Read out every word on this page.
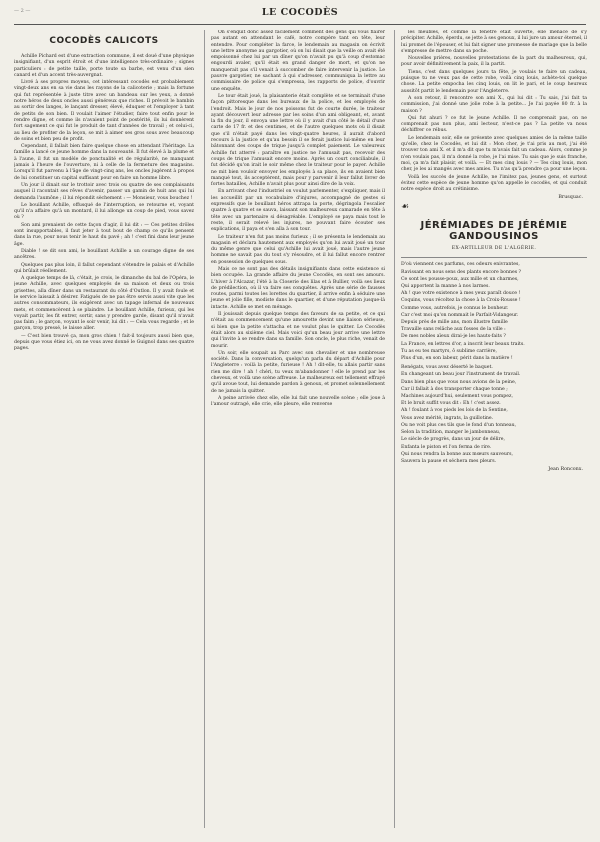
— 2 —	LE COCODÈS
COCODÈS CALICOTS

Achille Pichard est d'une extraction commune, il est doué d'une physique insignifiant, d'un esprit étroit et d'une intelligence très-ordinaire ; signes particuliers : de petite taille, porte toute sa barbe, est venu d'un sien canard et d'un accent très-auvergnat.

Livré à ses propres moyens, cet intéressant cocodès est probablement vingt-deux ans en sa vie dans les rayons de la calicoterie ; mais la fortune qui fut représentée à juste titre avec un bandeau sur les yeux, a donné notre héros de deux oncles aussi généreux que riches. Il prévoit le bambin au sortir des langes, le lançant dresser, élevé, éduquer et l'employer à tant de petits de son bien. Il voulait l'aimer l'étudier, faire tout enfin pour le rendre digne, et comme ils n'avaient point de postérité, ils lui donnèrent fort sagement ce qui fut le produit de tant d'années de travail ; et celui-ci, au lieu de profiter de la leçon, se mit à aimer ses gros sous avec beaucoup de soins et bien peu de profit.

Cependant, il fallait bien faire quelque chose en attendant l'héritage. La famille a lancé ce jeune homme dans la nouveauté. Il fut élevé à la plume et à l'aune, il fut un modèle de ponctualité et de régularité, ne manquant jamais à l'heure de l'ouverture, ni à celle de la fermeture des magasins. Lorsqu'il fut parvenu à l'âge de vingt-cinq ans, les oncles jugèrent à propos de lui constituer un capital suffisant pour en faire un homme libre.

Un jour il dinait sur le trottoir avec trois ou quatre de ses complaisants auquel il racontait ses rêves d'avenir, passer un gamin de huit ans qui lui demanda l'aumône ; il lui répondit sèchement : — Monsieur, vous bouchez !

Le bouillant Achille, offusqué de l'interruption, se retourne et, voyant qu'il n'a affaire qu'à un montard, il lui allonge un coup de pied, vous savez où ?

Son ami prenaient de cette façon d'agir, il lui dit : — Ces petites drôles sont insupportables, il faut jeter à tout bout de champ ce qu'ils pensent dans la rue, pour nous tenir le haut du pavé ; ah ! c'est fini dans leur jeune âge.

Diable ! se dit son ami, le bouillant Achille a un courage digne de ses ancêtres.

Quelques pas plus loin, il fallut cependant s'étendre le palais et d'Achille qui brûlait réellement.

A quelque temps de là, c'était, je crois, le dimanche du bal de l'Opéra, le jeune Achille, avec quelques employés de sa maison et deux ou trois grisettes, alla dîner dans un restaurant du côté d'Outlon. Il y avait foule et le service laissait à désirer. Fatigués de ne pas être servis aussi vite que les autres consommateurs, ils exigèrent avec un tapage infernal de nouveaux mets, et commencèrent à se plaindre. Le bouillant Achille, furieux, qui les voyait partir, les fit entrer, sortir, sans y prendre garde, disant qu'il n'avait pas faim ; le garçon, voyant le soir venir, lui dit : — Cela vous regarde ; et le garçon, trop pressé, le laisse aller.

— C'est bien trouvé ça, mon gros chien ! fait-il toujours aussi bien que, depuis que vous étiez ici, on ne vous avez donné le Guignol dans ses quatre pages.

On s'enquit donc assez facilement comment des gens qui vous flairer pas autant en attendant le café, notre compère tant en tête, leur entendre. Pour compléter la farce, le lendemain au magasin on écrivit une lettre anonyme au gargotier, où on lui disait que la veille on avait été empoisonné chez lui par un dîner qu'on n'avait pu qu'à coup d'estomac engourdi avaler, qu'il était en grand danger de mort, et qu'on ne manquerait pas s'il venait à succomber de faire intervenir la justice. Le pauvre gargotier, ne sachant à qui s'adresser, communiqua la lettre au commissaire de police qui s'empressa, les rapports de police, d'ouvrir une enquête.

Le tour était joué, la plaisanterie était complète et se terminait d'une façon pittoresque dans les bureaux de la police, et les employés de l'endroit. Mais le jour de nos poissons fut de courte durée, le traiteur ayant découvert leur adresse par les soins d'un ami obligeant, et, avant la fin du jour, il envoya une lettre où il y avait d'un côté le détail d'une carte de 17 fr. et des centimes, et de l'autre quelques mots où il disait que s'il n'était payé dans les vingt-quatre heures, il aurait d'abord recours à la justice et qu'au besoin il se ferait justice lui-même en leur bâtonnant des coups de trique jusqu'à complet paiement. Le valeureux Achille fut atterré : paraître en justice ne l'amusait pas, recevoir des coups de trique l'amusait encore moins. Après un court conciliabule, il fut décidé qu'on irait le soir même chez le traiteur pour le payer. Achille ne mit bien vouloir envoyer les employés à sa place, ils en avaient bien manqué tout, ils acceptèrent, mais pour y parvenir il leur fallut livrer de fortes batailles, Achille n'avait plus pour ainsi dire de la voix.

En arrivant chez l'industriel on voulut parlementer, s'expliquer, mais il les accueillit par un vocabulaire d'injures, accompagné de gestes si expressifs que le bouillant héros attrapa la porte, dégringola l'escalier quatre à quatre et se sauva, laissant son malheureux camarade en tête à tête avec un partenaire si désagréable. L'employé se paya mais tout le reste, il serait relevé les injures, ne pouvant faire écouter ses explications, il paya et s'en alla à son tour.

Le traiteur n'en fut pas moins furieux ; il se présenta le lendemain au magasin et déclara hautement aux employés qu'on lui avait joué un tour du même genre que celui qu'Achille lui avait joué, mais l'autre jeune homme ne savait pas du tout s'y résoudre, et il lui fallut encore rentrer en possession de quelques sous.

Mais ce ne sont pas des détails insignifiants dans cette existence si bien occupée. La grande affaire du jeune Cocodès, en sont ses amours. L'hiver à l'Alcazar, l'été à la Closerie des lilas et à Bullier, voilà ses lieux de prédilection, où il va faire ses conquêtes. Après une série de fausses routes, parmi toutes les lorettes du quartier, il arrive enfin à séduire une jeune et jolie fille, modiste dans le quartier, et d'une réputation jusque-là intacte. Achille se met en ménage.

Il jouissait depuis quelque temps des faveurs de sa petite, et ce qui n'était au commencement qu'une amourette devint une liaison sérieuse, si bien que la petite s'attacha et ne voulut plus le quitter. Le Cocodès était alors au sixième ciel. Mais voici qu'un beau jour arrive une lettre qui l'invite à se rendre dans sa famille. Son oncle, le plus riche, venait de mourir.

Un soir, elle soupait au Parc avec son chevalier et une nombreuse société. Dans la conversation, quelqu'un parla du départ d'Achille pour l'Angleterre : voilà la petite, furieuse ! Ah ! dit-elle, tu allais partir sans rien me dire ! ah ! chéri, tu veux m'abandonner ! elle le prend par les cheveux, et voilà une scène affreuse. Le malheureux est tellement effrayé qu'il avoue tout, lui demande pardon à genoux, et promet solennellement de ne jamais la quitter.

A peine arrivée chez elle, elle lui fait une nouvelle scène ; elle joue à l'amour outragé, elle crie, elle pleure, elle renverse

les meubles, et comme la fenêtre était ouverte, elle menace de s'y précipiter. Achille, éperdu, se jette à ses genoux, il lui jure un amour éternel, il lui promet de l'épouser, et lui fait signer une promesse de mariage que la belle s'empresse de mettre dans sa poche.

Nouvelles prières, nouvelles protestations de la part du malheureux, qui, pour avoir définitivement la paix, il la partit.

Tiens, c'est dans quelques jours ta fête, je voulais te faire un cadeau, puisque tu ne veux pas de cette robe, voilà cinq louis, achète-toi quelque chose. La petite empocha les cinq louis, on lit le pari, et le coup heureux aussitôt partit le lendemain pour l'Angleterre.

A son retour, il rencontre son ami X., qui lui dit : Tu sais, j'ai fait ta commission, j'ai donné une jolie robe à la petite... Je l'ai payée 80 fr. à la maison ?

Qui fut ahuri ? ce fut le jeune Achille. Il ne comprenait pas, on ne comprenait pas non plus, ami lecteur, n'est-ce pas ? La petite va nous déchiffrer ce rébus.

Le lendemain soir, elle se présente avec quelques amies de la même taille qu'elle, chez le Cocodès, et lui dit : Mon cher, je t'ai pris au mot, j'ai été trouver ton ami X. et il m'a dit que tu m'avais fait un cadeau. Alors, comme je n'en voulais pas, il m'a donné la robe, je l'ai mise. Tu sais que je suis franche, moi, ça m'a fait plaisir, et voilà. — Et mes cinq louis ? — Tes cinq louis, mon cher, je les ai mangés avec mes amies. Tu n'as qu'à prendre ça pour une leçon.

Voilà les succès de jeune Achille, ne l'imitez pas, jeunes gens, et surtout évitez cette espèce de jeune homme qu'on appelle le cocodès, et qui conduit notre espèce droit au crétinisme.

Brusquac.
☙
JÉRÉMIADES DE JÉRÉMIE GANDOUSINOS
EX-ARTILLEUR DE L'ALGÉRIE.

D'où viennent ces parfums, ces odeurs enivrantes,

Ravissant en nous sens des plants encore bonnes ?

Ce sont les pousse-poux, aux mille et un charmes,

Qui apportent la manne à nos larmes.

Ah ! que votre existence à mes yeux paraît douce !

Coquins, vous récoltez la chose à la Croix-Rousse !

Comme vous, autrefois, je connus le bonheur.

Car c'est moi qu'on nommait le Parfait-Vidangeur.

Depuis près de mille ans, mon illustre famille

Travaille sans relâche aux fosses de la ville :

De mes nobles aïeux dirai-je les hauts-faits ?

La France, en lettres d'or, a inscrit leur beaux traits.

Tu as eu tes martyrs, ô sublime carrière,

Plus d'un, en son labeur, périt dans la matière !

Renégats, vous avez déserté le baquet.

En changeant un beau jour l'instrument de travail.

Dans bien plus que vous nous avions de la peine,

Car il fallait à dos transporter chaque tonne ;

Machines aujourd'hui, seulement vous pompez,

Et le bruit suffit vous dit : Eh ! c'est assez.

Ah ! foulant à vos pieds les lois de la Sentine,

Vous avez mérité, ingrats, la guillotine.

Ou ne voit plus ces tils que le fond d'un tonneau,

Selon la tradition, manger le jambonneau,

Le siècle de progrès, dans un jour de délire,

Enfanta le piston et l'on ferma de rire.

Qui nous rendra la bonne aux mœurs sauveurs,

Sauvera la pause et séchera mes pleurs.

Jean Ronconx.
